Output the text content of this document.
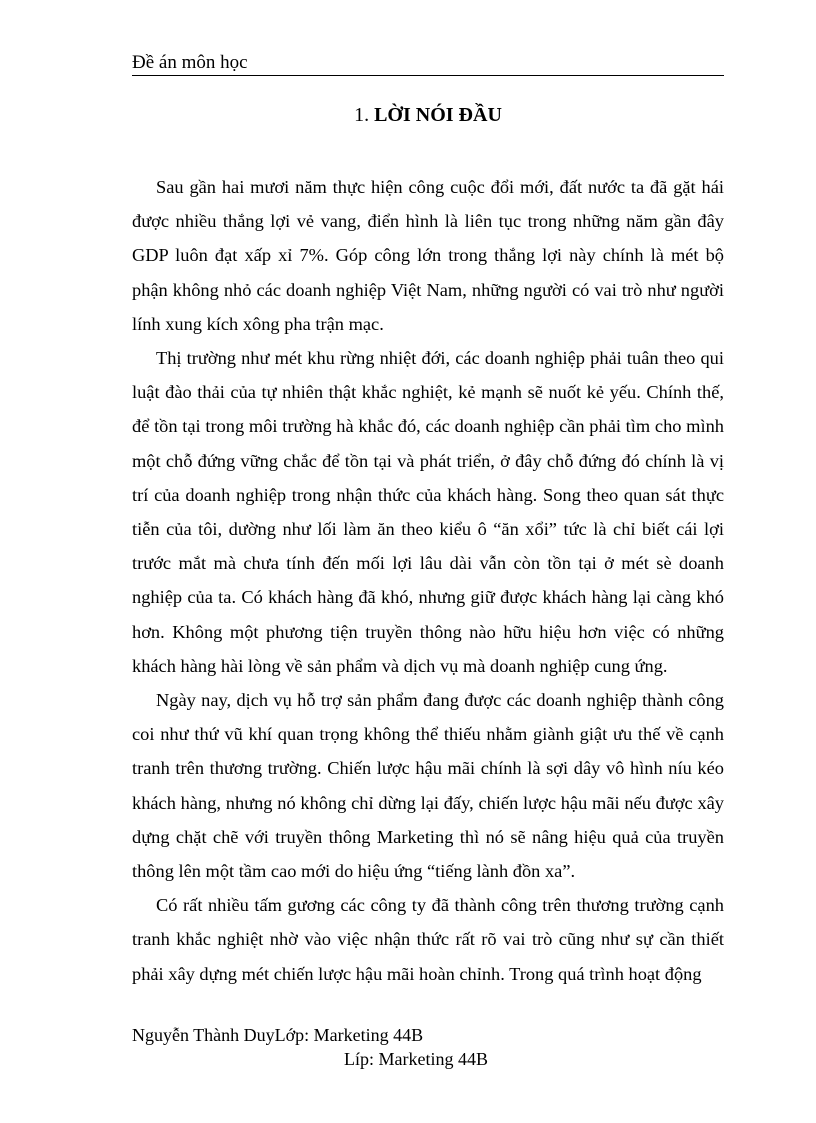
Đề án môn học
1. LỜI NÓI ĐẦU

Sau gần hai mươi năm thực hiện công cuộc đổi mới, đất nước ta đã gặt hái được nhiều thắng lợi vẻ vang, điển hình là liên tục trong những năm gần đây GDP luôn đạt xấp xỉ 7%. Góp công lớn trong thắng lợi này chính là mét bộ phận không nhỏ các doanh nghiệp Việt Nam, những người có vai trò như người lính xung kích xông pha trận mạc.

Thị trường như mét khu rừng nhiệt đới, các doanh nghiệp phải tuân theo qui luật đào thải của tự nhiên thật khắc nghiệt, kẻ mạnh sẽ nuốt kẻ yếu. Chính thế, để tồn tại trong môi trường hà khắc đó, các doanh nghiệp cần phải tìm cho mình một chỗ đứng vững chắc để tồn tại và phát triển, ở đây chỗ đứng đó chính là vị trí của doanh nghiệp trong nhận thức của khách hàng. Song theo quan sát thực tiễn của tôi, dường như lối làm ăn theo kiểu ô “ăn xổi” tức là chỉ biết cái lợi trước mắt mà chưa tính đến mối lợi lâu dài vẫn còn tồn tại ở mét sè doanh nghiệp của ta. Có khách hàng đã khó, nhưng giữ được khách hàng lại càng khó hơn. Không một phương tiện truyền thông nào hữu hiệu hơn việc có những khách hàng hài lòng về sản phẩm và dịch vụ mà doanh nghiệp cung ứng.

Ngày nay, dịch vụ hỗ trợ sản phẩm đang được các doanh nghiệp thành công coi như thứ vũ khí quan trọng không thể thiếu nhằm giành giật ưu thế về cạnh tranh trên thương trường. Chiến lược hậu mãi chính là sợi dây vô hình níu kéo khách hàng, nhưng nó không chỉ dừng lại đấy, chiến lược hậu mãi nếu được xây dựng chặt chẽ với truyền thông Marketing thì nó sẽ nâng hiệu quả của truyền thông lên một tầm cao mới do hiệu ứng “tiếng lành đồn xa”.

Có rất nhiều tấm gương các công ty đã thành công trên thương trường cạnh tranh khắc nghiệt nhờ vào việc nhận thức rất rõ vai trò cũng như sự cần thiết phải xây dựng mét chiến lược hậu mãi hoàn chỉnh. Trong quá trình hoạt động

Nguyễn Thành DuyLớp: Marketing 44B
Líp: Marketing 44B
